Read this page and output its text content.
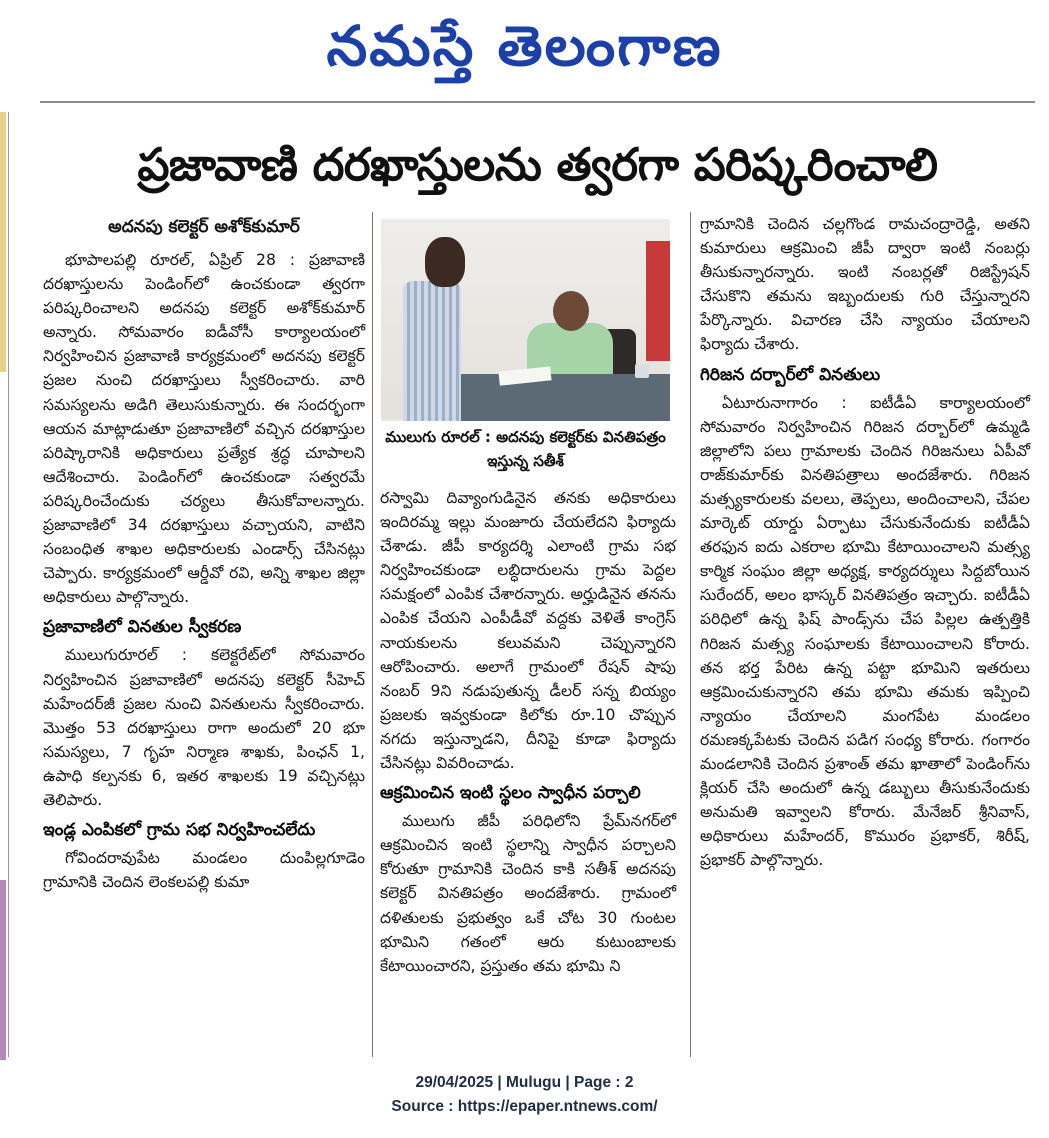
నమస్తే తెలంగాణ
ప్రజావాణి దరఖాస్తులను త్వరగా పరిష్కరించాలి
అదనపు కలెక్టర్ అశోక్‌కుమార్

భూపాలపల్లి రూరల్, ఏప్రిల్ 28 : ప్రజావాణి దరఖాస్తులను పెండింగ్‌లో ఉంచకుండా త్వరగా పరిష్కరించాలని అదనపు కలెక్టర్ అశోక్‌కుమార్ అన్నారు. సోమవారం ఐడీవోసీ కార్యాలయంలో నిర్వహించిన ప్రజావాణి కార్యక్రమంలో అదనపు కలెక్టర్ ప్రజల నుంచి దరఖాస్తులు స్వీకరించారు. వారి సమస్యలను అడిగి తెలుసుకున్నారు. ఈ సందర్భంగా ఆయన మాట్లాడుతూ ప్రజావాణిలో వచ్చిన దరఖాస్తుల పరిష్కారానికి అధికారులు ప్రత్యేక శ్రద్ధ చూపాలని ఆదేశించారు. పెండింగ్‌లో ఉంచకుండా సత్వరమే పరిష్కరించేందుకు చర్యలు తీసుకోవాలన్నారు. ప్రజావాణిలో 34 దరఖాస్తులు వచ్చాయని, వాటిని సంబంధిత శాఖల అధికారులకు ఎండార్స్ చేసినట్లు చెప్పారు. కార్యక్రమంలో ఆర్డీవో రవి, అన్ని శాఖల జిల్లా అధికారులు పాల్గొన్నారు.

ప్రజావాణిలో వినతుల స్వీకరణ

ములుగురూరల్ : కలెక్టరేట్‌లో సోమవారం నిర్వహించిన ప్రజావాణిలో అదనపు కలెక్టర్ సీహెచ్ మహేందర్‌జీ ప్రజల నుంచి వినతులను స్వీకరించారు. మొత్తం 53 దరఖాస్తులు రాగా అందులో 20 భూ సమస్యలు, 7 గృహ నిర్మాణ శాఖకు, పింఛన్ 1, ఉపాధి కల్పనకు 6, ఇతర శాఖలకు 19 వచ్చినట్లు తెలిపారు.

ఇండ్ల ఎంపికలో గ్రామ సభ నిర్వహించలేదు

గోవిందరావుపేట మండలం దుంపిల్లగూడెం గ్రామానికి చెందిన లెంకలపల్లి కుమా

ములుగు రూరల్ : అదనపు కలెక్టర్‌కు వినతిపత్రం ఇస్తున్న సతీశ్

రస్వామి దివ్యాంగుడినైన తనకు అధికారులు ఇందిరమ్మ ఇల్లు మంజూరు చేయలేదని ఫిర్యాదు చేశాడు. జీపీ కార్యదర్శి ఎలాంటి గ్రామ సభ నిర్వహించకుండా లబ్ధిదారులను గ్రామ పెద్దల సమక్షంలో ఎంపిక చేశారన్నారు. అర్హుడినైన తనను ఎంపిక చేయని ఎంపీడీవో వద్దకు వెళితే కాంగ్రెస్ నాయకులను కలువమని చెప్పున్నారని ఆరోపించారు. అలాగే గ్రామంలో రేషన్ షాపు నంబర్ 9ని నడుపుతున్న డీలర్ సన్న బియ్యం ప్రజలకు ఇవ్వకుండా కిలోకు రూ.10 చొప్పున నగదు ఇస్తున్నాడని, దీనిపై కూడా ఫిర్యాదు చేసినట్లు వివరించాడు.

ఆక్రమించిన ఇంటి స్థలం స్వాధీన పర్చాలి

ములుగు జీపీ పరిధిలోని ప్రేమ్‌నగర్‌లో ఆక్రమించిన ఇంటి స్థలాన్ని స్వాధీన పర్చాలని కోరుతూ గ్రామానికి చెందిన కాకి సతీశ్ అదనపు కలెక్టర్ వినతిపత్రం అందజేశారు. గ్రామంలో దళితులకు ప్రభుత్వం ఒకే చోట 30 గుంటల భూమిని గతంలో ఆరు కుటుంబాలకు కేటాయించారని, ప్రస్తుతం తమ భూమి ని

గ్రామానికి చెందిన చల్లగొండ రామచంద్రారెడ్డి, అతని కుమారులు ఆక్రమించి జీపీ ద్వారా ఇంటి నంబర్లు తీసుకున్నారన్నారు. ఇంటి నంబర్లతో రిజిస్ట్రేషన్ చేసుకొని తమను ఇబ్బందులకు గురి చేస్తున్నారని పేర్కొన్నారు. విచారణ చేసి న్యాయం చేయాలని ఫిర్యాదు చేశారు.

గిరిజన దర్బార్‌లో వినతులు

ఏటూరునాగారం : ఐటీడీఏ కార్యాలయంలో సోమవారం నిర్వహించిన గిరిజన దర్బార్‌లో ఉమ్మడి జిల్లాలోని పలు గ్రామాలకు చెందిన గిరిజనులు ఏపీవో రాజ్‌కుమార్‌కు వినతిపత్రాలు అందజేశారు. గిరిజన మత్స్యకారులకు వలలు, తెప్పలు, అందించాలని, చేపల మార్కెట్ యార్డు ఏర్పాటు చేసుకునేందుకు ఐటీడీఏ తరఫున ఐదు ఎకరాల భూమి కేటాయించాలని మత్స్య కార్మిక సంఘం జిల్లా అధ్యక్ష, కార్యదర్శులు సిద్దబోయిన సురేందర్, అలం భాస్కర్ వినతిపత్రం ఇచ్చారు. ఐటీడీఏ పరిధిలో ఉన్న ఫిష్ పాండ్స్‌ను చేప పిల్లల ఉత్పత్తికి గిరిజన మత్స్య సంఘాలకు కేటాయించాలని కోరారు. తన భర్త పేరిట ఉన్న పట్టా భూమిని ఇతరులు ఆక్రమించుకున్నారని తమ భూమి తమకు ఇప్పించి న్యాయం చేయాలని మంగపేట మండలం రమణక్కపేటకు చెందిన పడిగ సంధ్య కోరారు. గంగారం మండలానికి చెందిన ప్రశాంత్ తమ ఖాతాలో పెండింగ్‌ను క్లియర్ చేసి అందులో ఉన్న డబ్బులు తీసుకునేందుకు అనుమతి ఇవ్వాలని కోరారు. మేనేజర్ శ్రీనివాస్, అధికారులు మహేందర్, కొమురం ప్రభాకర్, శిరీష్, ప్రభాకర్ పాల్గొన్నారు.

29/04/2025 | Mulugu | Page : 2
Source : https://epaper.ntnews.com/
